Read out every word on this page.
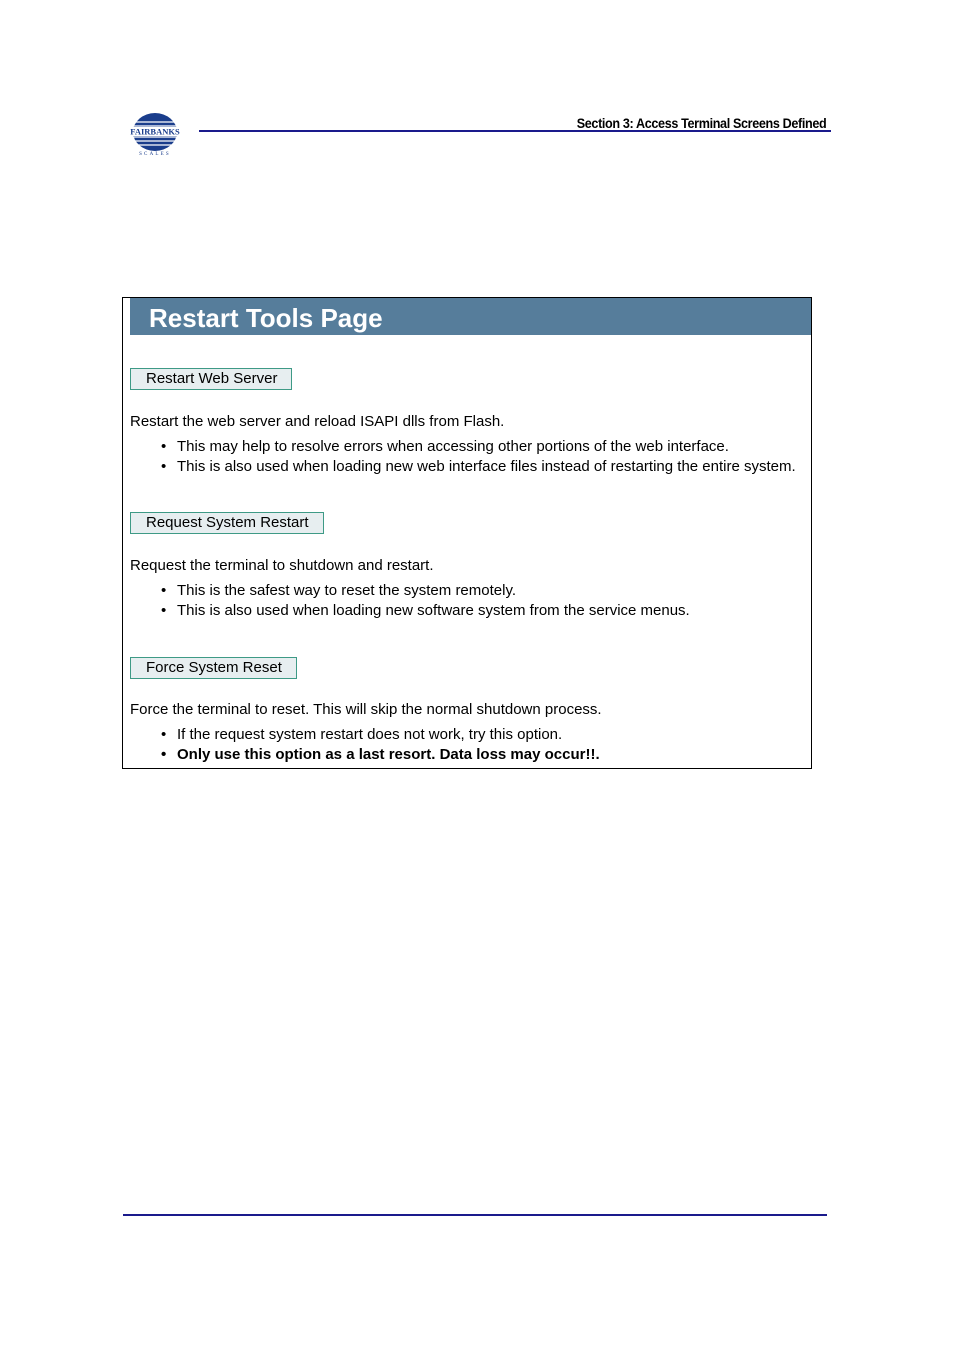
FAIRBANKS
SCALES
Section 3: Access Terminal Screens Defined
Restart Tools Page
Restart Web Server
Restart the web server and reload ISAPI dlls from Flash.
• This may help to resolve errors when accessing other portions of the web interface.
• This is also used when loading new web interface files instead of restarting the entire system.
Request System Restart
Request the terminal to shutdown and restart.
• This is the safest way to reset the system remotely.
• This is also used when loading new software system from the service menus.
Force System Reset
Force the terminal to reset. This will skip the normal shutdown process.
• If the request system restart does not work, try this option.
• Only use this option as a last resort. Data loss may occur!!.
